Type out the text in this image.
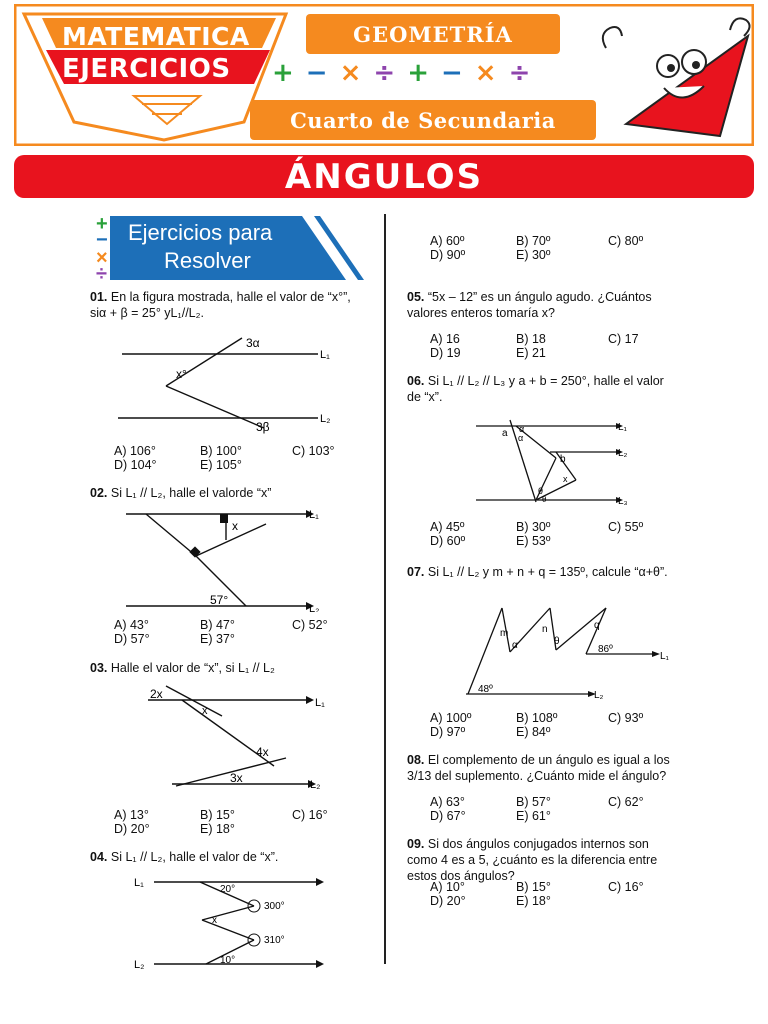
MATEMATICA
EJERCICIOS
GEOMETRÍA
+ − × ÷ + − × ÷
Cuarto de Secundaria
ÁNGULOS
+
−
×
÷
Ejercicios para
Resolver
01. En la figura mostrada, halle el valor de “x°”, siα + β = 25° yL₁//L₂.
3α
x°
3β
L₁
L₂
A) 106°	B) 100°	C) 103°
D) 104°	E) 105°
02. Si L₁ // L₂, halle el valorde “x”
x
57°
L₁
L₂
A) 43°	B) 47°	C) 52°
D) 57°	E) 37°
03. Halle el valor de “x”, si L₁ // L₂
2x
x
4x
3x
L₁
L₂
A) 13°	B) 15°	C) 16°
D) 20°	E) 18°
04. Si L₁ // L₂, halle el valor de “x”.
L₁
L₂
20°
300°
x
310°
10°
A) 60º	B) 70º	C) 80º
D) 90º	E) 30º
05. “5x – 12” es un ángulo agudo. ¿Cuántos valores enteros tomaría x?
A) 16	B) 18	C) 17
D) 19	E) 21
06. Si L₁ // L₂ // L₃ y a + b = 250°, halle el valor de “x”.
a α
α
b
x
θ
θ
L₁
L₂
L₃
A) 45º	B) 30º	C) 55º
D) 60º	E) 53º
07. Si L₁ // L₂ y m + n + q = 135º, calcule “α+θ”.
m
α
n
θ
q
86º
48º
L₁
L₂
A) 100º	B) 108º	C) 93º
D) 97º	E) 84º
08. El complemento de un ángulo es igual a los 3/13 del suplemento. ¿Cuánto mide el ángulo?
A) 63°	B) 57°	C) 62°
D) 67°	E) 61°
09. Si dos ángulos conjugados internos son como 4 es a 5, ¿cuánto es la diferencia entre estos dos ángulos?
A) 10°	B) 15°	C) 16°
D) 20°	E) 18°
